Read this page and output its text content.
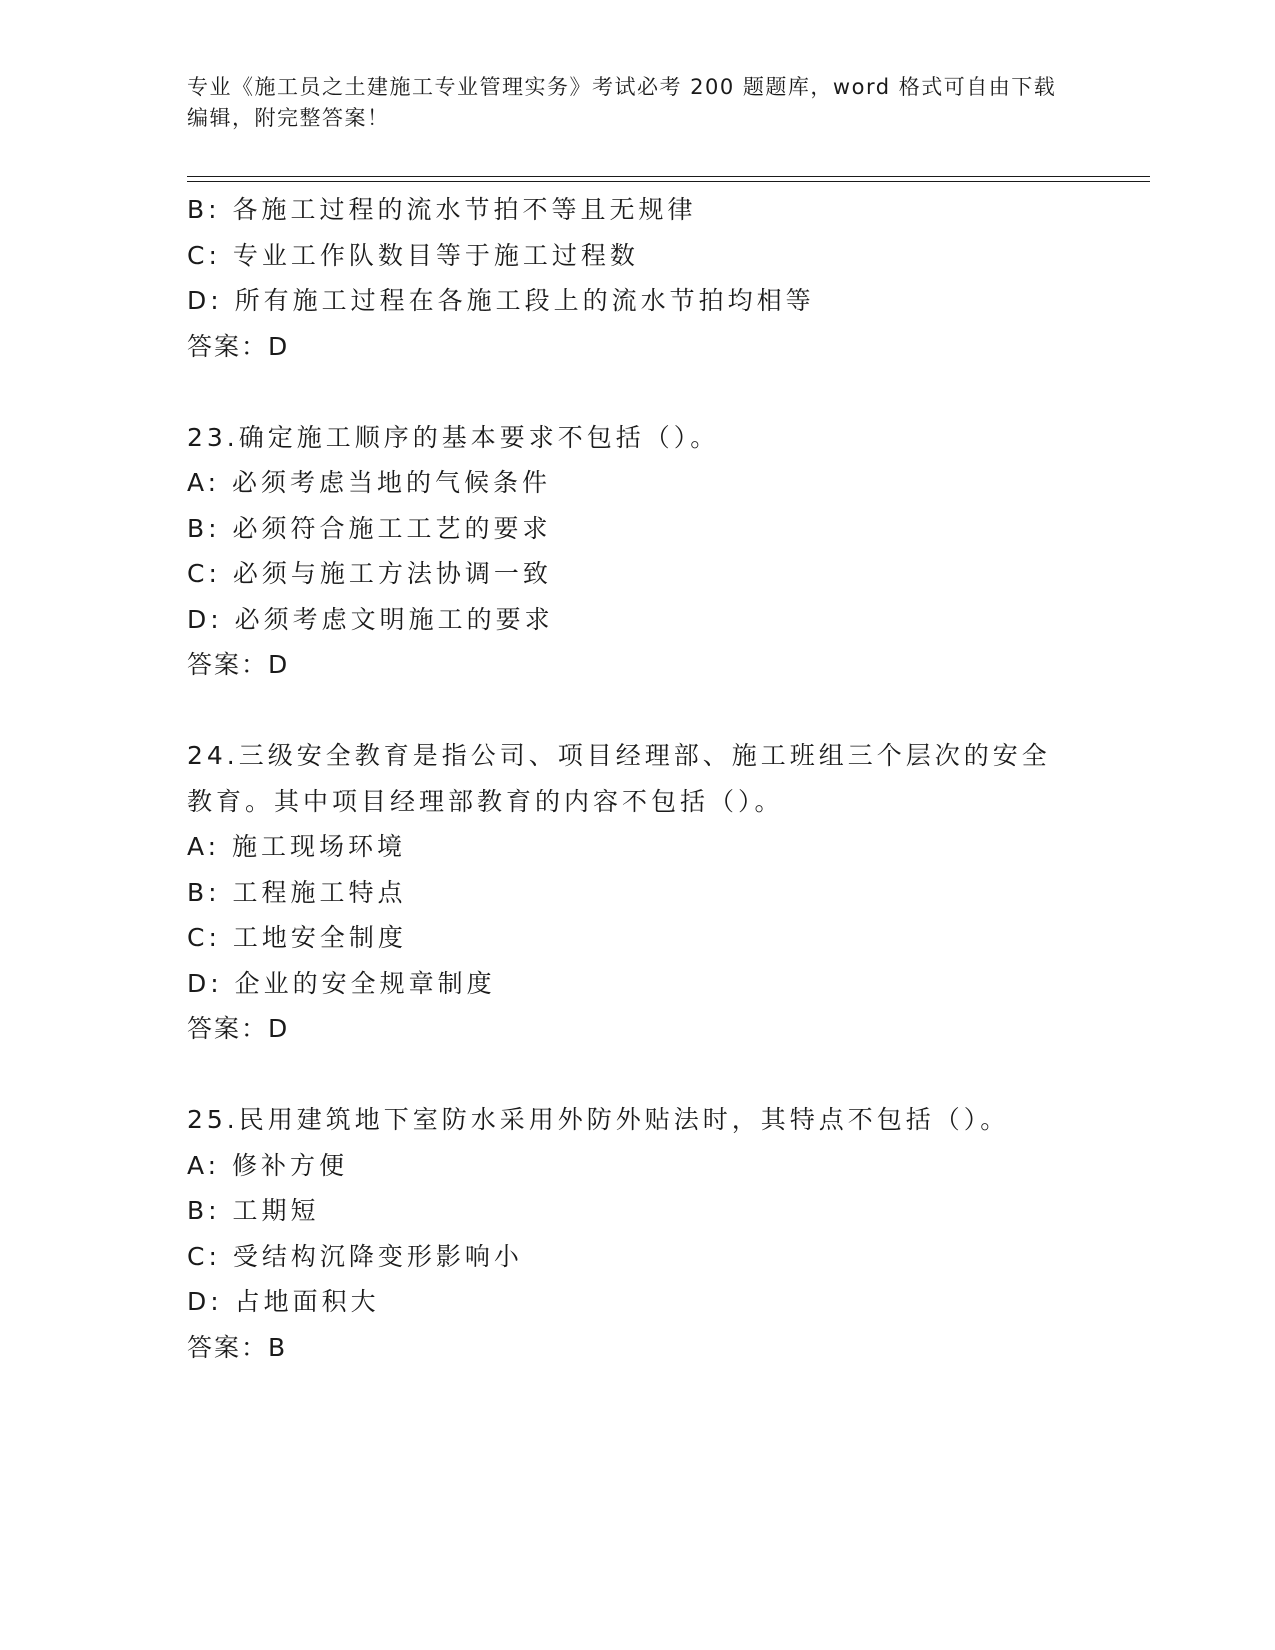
专业《施工员之土建施工专业管理实务》考试必考 200 题题库，word 格式可自由下载编辑，附完整答案！
B: 各施工过程的流水节拍不等且无规律
C: 专业工作队数目等于施工过程数
D: 所有施工过程在各施工段上的流水节拍均相等
答案：D
23.确定施工顺序的基本要求不包括（）。
A: 必须考虑当地的气候条件
B: 必须符合施工工艺的要求
C: 必须与施工方法协调一致
D: 必须考虑文明施工的要求
答案：D
24.三级安全教育是指公司、项目经理部、施工班组三个层次的安全教育。其中项目经理部教育的内容不包括（）。
A: 施工现场环境
B: 工程施工特点
C: 工地安全制度
D: 企业的安全规章制度
答案：D
25.民用建筑地下室防水采用外防外贴法时，其特点不包括（）。
A: 修补方便
B: 工期短
C: 受结构沉降变形影响小
D: 占地面积大
答案：B
